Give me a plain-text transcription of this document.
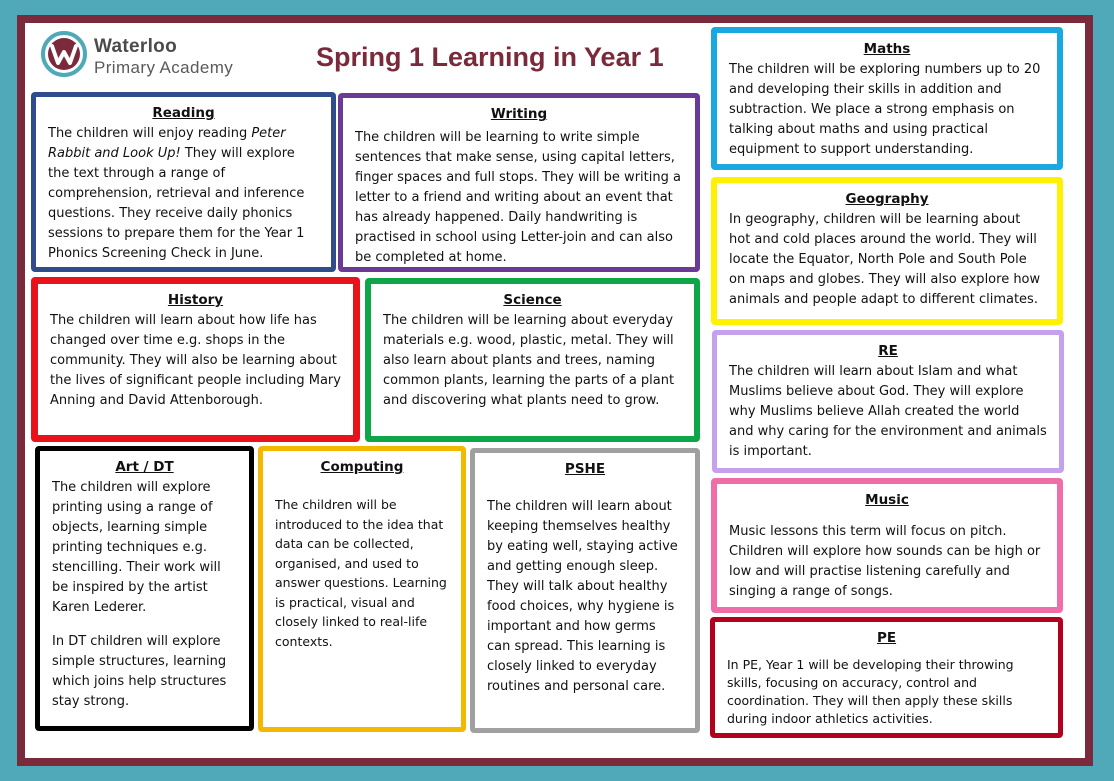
Waterloo
Primary Academy	Spring 1 Learning in Year 1
Reading

The children will enjoy reading Peter Rabbit and Look Up! They will explore the text through a range of comprehension, retrieval and inference questions. They receive daily phonics sessions to prepare them for the Year 1 Phonics Screening Check in June.

Writing

The children will be learning to write simple sentences that make sense, using capital letters, finger spaces and full stops. They will be writing a letter to a friend and writing about an event that has already happened. Daily handwriting is practised in school using Letter-join and can also be completed at home.

History

The children will learn about how life has changed over time e.g. shops in the community. They will also be learning about the lives of significant people including Mary Anning and David Attenborough.

Science

The children will be learning about everyday materials e.g. wood, plastic, metal. They will also learn about plants and trees, naming common plants, learning the parts of a plant and discovering what plants need to grow.

Art / DT

The children will explore printing using a range of objects, learning simple printing techniques e.g. stencilling. Their work will be inspired by the artist Karen Lederer.

In DT children will explore simple structures, learning which joins help structures stay strong.

Computing

The children will be introduced to the idea that data can be collected, organised, and used to answer questions. Learning is practical, visual and closely linked to real-life contexts.

PSHE

The children will learn about keeping themselves healthy by eating well, staying active and getting enough sleep. They will talk about healthy food choices, why hygiene is important and how germs can spread. This learning is closely linked to everyday routines and personal care.

Maths

The children will be exploring numbers up to 20 and developing their skills in addition and subtraction. We place a strong emphasis on talking about maths and using practical equipment to support understanding.

Geography

In geography, children will be learning about hot and cold places around the world. They will locate the Equator, North Pole and South Pole on maps and globes. They will also explore how animals and people adapt to different climates.

RE

The children will learn about Islam and what Muslims believe about God. They will explore why Muslims believe Allah created the world and why caring for the environment and animals is important.

Music

Music lessons this term will focus on pitch. Children will explore how sounds can be high or low and will practise listening carefully and singing a range of songs.

PE

In PE, Year 1 will be developing their throwing skills, focusing on accuracy, control and coordination. They will then apply these skills during indoor athletics activities.
